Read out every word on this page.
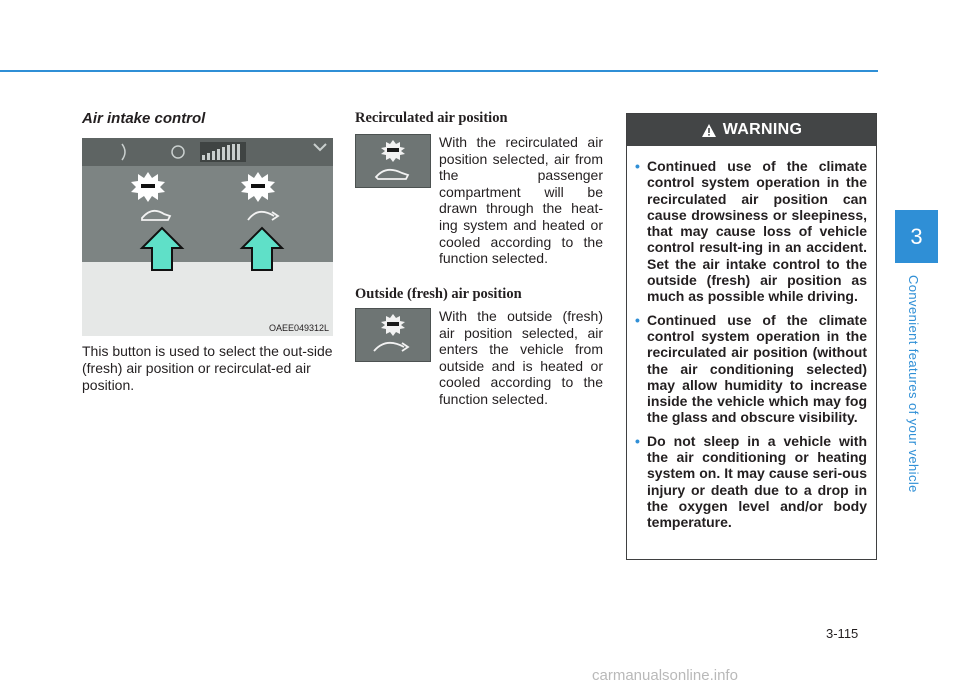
Air intake control
OAEE049312L
This button is used to select the out-side (fresh) air position or recirculat-ed air position.
Recirculated air position
With the recirculated air position selected, air from the passenger compartment will be drawn through the heat-ing system and heated or cooled according to the function selected.
Outside (fresh) air position
With the outside (fresh) air position selected, air enters the vehicle from outside and is heated or cooled according to the function selected.
WARNING
• Continued use of the climate control system operation in the recirculated air position can cause drowsiness or sleepiness, that may cause loss of vehicle control result-ing in an accident. Set the air intake control to the outside (fresh) air position as much as possible while driving.
• Continued use of the climate control system operation in the recirculated air position (without the air conditioning selected) may allow humidity to increase inside the vehicle which may fog the glass and obscure visibility.
• Do not sleep in a vehicle with the air conditioning or heating system on. It may cause seri-ous injury or death due to a drop in the oxygen level and/or body temperature.
3
Convenient features of your vehicle
3-115
carmanualsonline.info
